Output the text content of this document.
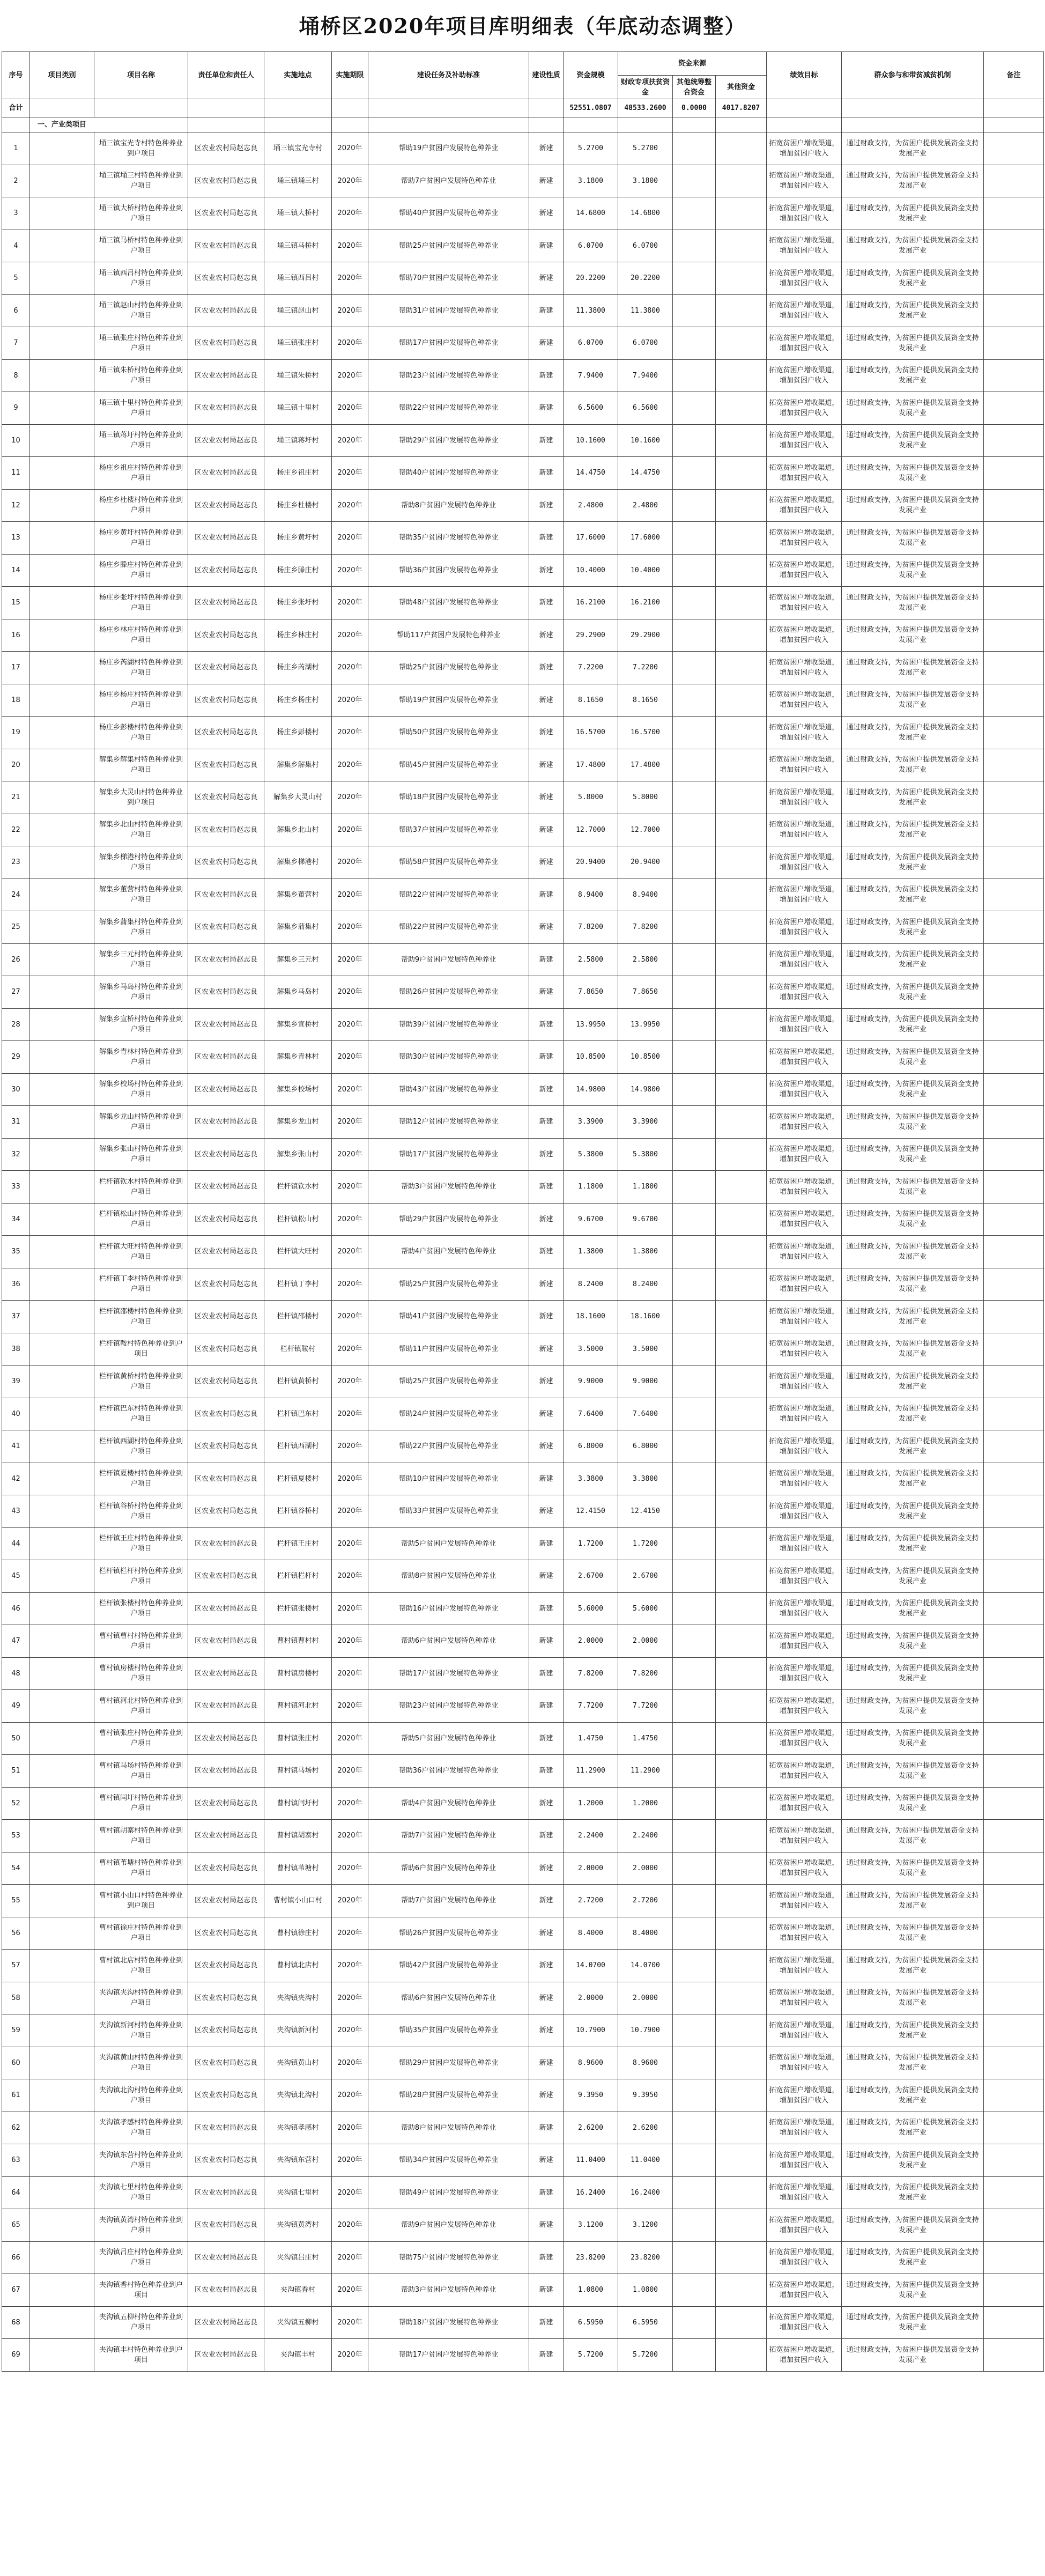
埇桥区2020年项目库明细表（年底动态调整）
序号	项目类别	项目名称	责任单位和责任人	实施地点	实施期限	建设任务及补助标准	建设性质	资金规模	资金来源			绩效目标	群众参与和带贫减贫机制	备注
									财政专项扶贫资金	其他统筹整合资金	其他资金			
合计								52551.0807	48533.2600	0.0000	4017.8207			
	一、产业类项目													
1		埇三镇宝光寺村特色种养业到户项目	区农业农村局赵志良	埇三镇宝光寺村	2020年	帮助19户贫困户发展特色种养业	新建	5.2700	5.2700			拓宽贫困户增收渠道，增加贫困户收入	通过财政支持，为贫困户提供发展资金支持发展产业	
2		埇三镇埇三村特色种养业到户项目	区农业农村局赵志良	埇三镇埇三村	2020年	帮助7户贫困户发展特色种养业	新建	3.1800	3.1800			拓宽贫困户增收渠道，增加贫困户收入	通过财政支持，为贫困户提供发展资金支持发展产业	
3		埇三镇大桥村特色种养业到户项目	区农业农村局赵志良	埇三镇大桥村	2020年	帮助40户贫困户发展特色种养业	新建	14.6800	14.6800			拓宽贫困户增收渠道，增加贫困户收入	通过财政支持，为贫困户提供发展资金支持发展产业	
4		埇三镇马桥村特色种养业到户项目	区农业农村局赵志良	埇三镇马桥村	2020年	帮助25户贫困户发展特色种养业	新建	6.0700	6.0700			拓宽贫困户增收渠道，增加贫困户收入	通过财政支持，为贫困户提供发展资金支持发展产业	
5		埇三镇西吕村特色种养业到户项目	区农业农村局赵志良	埇三镇西吕村	2020年	帮助70户贫困户发展特色种养业	新建	20.2200	20.2200			拓宽贫困户增收渠道，增加贫困户收入	通过财政支持，为贫困户提供发展资金支持发展产业	
6		埇三镇赵山村特色种养业到户项目	区农业农村局赵志良	埇三镇赵山村	2020年	帮助31户贫困户发展特色种养业	新建	11.3800	11.3800			拓宽贫困户增收渠道，增加贫困户收入	通过财政支持，为贫困户提供发展资金支持发展产业	
7		埇三镇张庄村特色种养业到户项目	区农业农村局赵志良	埇三镇张庄村	2020年	帮助17户贫困户发展特色种养业	新建	6.0700	6.0700			拓宽贫困户增收渠道，增加贫困户收入	通过财政支持，为贫困户提供发展资金支持发展产业	
8		埇三镇朱桥村特色种养业到户项目	区农业农村局赵志良	埇三镇朱桥村	2020年	帮助23户贫困户发展特色种养业	新建	7.9400	7.9400			拓宽贫困户增收渠道，增加贫困户收入	通过财政支持，为贫困户提供发展资金支持发展产业	
9		埇三镇十里村特色种养业到户项目	区农业农村局赵志良	埇三镇十里村	2020年	帮助22户贫困户发展特色种养业	新建	6.5600	6.5600			拓宽贫困户增收渠道，增加贫困户收入	通过财政支持，为贫困户提供发展资金支持发展产业	
10		埇三镇蒋圩村特色种养业到户项目	区农业农村局赵志良	埇三镇蒋圩村	2020年	帮助29户贫困户发展特色种养业	新建	10.1600	10.1600			拓宽贫困户增收渠道，增加贫困户收入	通过财政支持，为贫困户提供发展资金支持发展产业	
11		杨庄乡祖庄村特色种养业到户项目	区农业农村局赵志良	杨庄乡祖庄村	2020年	帮助40户贫困户发展特色种养业	新建	14.4750	14.4750			拓宽贫困户增收渠道，增加贫困户收入	通过财政支持，为贫困户提供发展资金支持发展产业	
12		杨庄乡杜楼村特色种养业到户项目	区农业农村局赵志良	杨庄乡杜楼村	2020年	帮助8户贫困户发展特色种养业	新建	2.4800	2.4800			拓宽贫困户增收渠道，增加贫困户收入	通过财政支持，为贫困户提供发展资金支持发展产业	
13		杨庄乡黄圩村特色种养业到户项目	区农业农村局赵志良	杨庄乡黄圩村	2020年	帮助35户贫困户发展特色种养业	新建	17.6000	17.6000			拓宽贫困户增收渠道，增加贫困户收入	通过财政支持，为贫困户提供发展资金支持发展产业	
14		杨庄乡滕庄村特色种养业到户项目	区农业农村局赵志良	杨庄乡滕庄村	2020年	帮助36户贫困户发展特色种养业	新建	10.4000	10.4000			拓宽贫困户增收渠道，增加贫困户收入	通过财政支持，为贫困户提供发展资金支持发展产业	
15		杨庄乡张圩村特色种养业到户项目	区农业农村局赵志良	杨庄乡张圩村	2020年	帮助48户贫困户发展特色种养业	新建	16.2100	16.2100			拓宽贫困户增收渠道，增加贫困户收入	通过财政支持，为贫困户提供发展资金支持发展产业	
16		杨庄乡林庄村特色种养业到户项目	区农业农村局赵志良	杨庄乡林庄村	2020年	帮助117户贫困户发展特色种养业	新建	29.2900	29.2900			拓宽贫困户增收渠道，增加贫困户收入	通过财政支持，为贫困户提供发展资金支持发展产业	
17		杨庄乡芮湖村特色种养业到户项目	区农业农村局赵志良	杨庄乡芮湖村	2020年	帮助25户贫困户发展特色种养业	新建	7.2200	7.2200			拓宽贫困户增收渠道，增加贫困户收入	通过财政支持，为贫困户提供发展资金支持发展产业	
18		杨庄乡杨庄村特色种养业到户项目	区农业农村局赵志良	杨庄乡杨庄村	2020年	帮助19户贫困户发展特色种养业	新建	8.1650	8.1650			拓宽贫困户增收渠道，增加贫困户收入	通过财政支持，为贫困户提供发展资金支持发展产业	
19		杨庄乡彭楼村特色种养业到户项目	区农业农村局赵志良	杨庄乡彭楼村	2020年	帮助50户贫困户发展特色种养业	新建	16.5700	16.5700			拓宽贫困户增收渠道，增加贫困户收入	通过财政支持，为贫困户提供发展资金支持发展产业	
20		解集乡解集村特色种养业到户项目	区农业农村局赵志良	解集乡解集村	2020年	帮助45户贫困户发展特色种养业	新建	17.4800	17.4800			拓宽贫困户增收渠道，增加贫困户收入	通过财政支持，为贫困户提供发展资金支持发展产业	
21		解集乡大灵山村特色种养业到户项目	区农业农村局赵志良	解集乡大灵山村	2020年	帮助18户贫困户发展特色种养业	新建	5.8000	5.8000			拓宽贫困户增收渠道，增加贫困户收入	通过财政支持，为贫困户提供发展资金支持发展产业	
22		解集乡北山村特色种养业到户项目	区农业农村局赵志良	解集乡北山村	2020年	帮助37户贫困户发展特色种养业	新建	12.7000	12.7000			拓宽贫困户增收渠道，增加贫困户收入	通过财政支持，为贫困户提供发展资金支持发展产业	
23		解集乡梯港村特色种养业到户项目	区农业农村局赵志良	解集乡梯港村	2020年	帮助58户贫困户发展特色种养业	新建	20.9400	20.9400			拓宽贫困户增收渠道，增加贫困户收入	通过财政支持，为贫困户提供发展资金支持发展产业	
24		解集乡董营村特色种养业到户项目	区农业农村局赵志良	解集乡董营村	2020年	帮助22户贫困户发展特色种养业	新建	8.9400	8.9400			拓宽贫困户增收渠道，增加贫困户收入	通过财政支持，为贫困户提供发展资金支持发展产业	
25		解集乡蒲集村特色种养业到户项目	区农业农村局赵志良	解集乡蒲集村	2020年	帮助22户贫困户发展特色种养业	新建	7.8200	7.8200			拓宽贫困户增收渠道，增加贫困户收入	通过财政支持，为贫困户提供发展资金支持发展产业	
26		解集乡三元村特色种养业到户项目	区农业农村局赵志良	解集乡三元村	2020年	帮助9户贫困户发展特色种养业	新建	2.5800	2.5800			拓宽贫困户增收渠道，增加贫困户收入	通过财政支持，为贫困户提供发展资金支持发展产业	
27		解集乡马岛村特色种养业到户项目	区农业农村局赵志良	解集乡马岛村	2020年	帮助26户贫困户发展特色种养业	新建	7.8650	7.8650			拓宽贫困户增收渠道，增加贫困户收入	通过财政支持，为贫困户提供发展资金支持发展产业	
28		解集乡宣桥村特色种养业到户项目	区农业农村局赵志良	解集乡宣桥村	2020年	帮助39户贫困户发展特色种养业	新建	13.9950	13.9950			拓宽贫困户增收渠道，增加贫困户收入	通过财政支持，为贫困户提供发展资金支持发展产业	
29		解集乡青林村特色种养业到户项目	区农业农村局赵志良	解集乡青林村	2020年	帮助30户贫困户发展特色种养业	新建	10.8500	10.8500			拓宽贫困户增收渠道，增加贫困户收入	通过财政支持，为贫困户提供发展资金支持发展产业	
30		解集乡校场村特色种养业到户项目	区农业农村局赵志良	解集乡校场村	2020年	帮助43户贫困户发展特色种养业	新建	14.9800	14.9800			拓宽贫困户增收渠道，增加贫困户收入	通过财政支持，为贫困户提供发展资金支持发展产业	
31		解集乡龙山村特色种养业到户项目	区农业农村局赵志良	解集乡龙山村	2020年	帮助12户贫困户发展特色种养业	新建	3.3900	3.3900			拓宽贫困户增收渠道，增加贫困户收入	通过财政支持，为贫困户提供发展资金支持发展产业	
32		解集乡张山村特色种养业到户项目	区农业农村局赵志良	解集乡张山村	2020年	帮助17户贫困户发展特色种养业	新建	5.3800	5.3800			拓宽贫困户增收渠道，增加贫困户收入	通过财政支持，为贫困户提供发展资金支持发展产业	
33		栏杆镇钦水村特色种养业到户项目	区农业农村局赵志良	栏杆镇钦水村	2020年	帮助3户贫困户发展特色种养业	新建	1.1800	1.1800			拓宽贫困户增收渠道，增加贫困户收入	通过财政支持，为贫困户提供发展资金支持发展产业	
34		栏杆镇松山村特色种养业到户项目	区农业农村局赵志良	栏杆镇松山村	2020年	帮助29户贫困户发展特色种养业	新建	9.6700	9.6700			拓宽贫困户增收渠道，增加贫困户收入	通过财政支持，为贫困户提供发展资金支持发展产业	
35		栏杆镇大旺村特色种养业到户项目	区农业农村局赵志良	栏杆镇大旺村	2020年	帮助4户贫困户发展特色种养业	新建	1.3800	1.3800			拓宽贫困户增收渠道，增加贫困户收入	通过财政支持，为贫困户提供发展资金支持发展产业	
36		栏杆镇丁李村特色种养业到户项目	区农业农村局赵志良	栏杆镇丁李村	2020年	帮助25户贫困户发展特色种养业	新建	8.2400	8.2400			拓宽贫困户增收渠道，增加贫困户收入	通过财政支持，为贫困户提供发展资金支持发展产业	
37		栏杆镇邵楼村特色种养业到户项目	区农业农村局赵志良	栏杆镇邵楼村	2020年	帮助41户贫困户发展特色种养业	新建	18.1600	18.1600			拓宽贫困户增收渠道，增加贫困户收入	通过财政支持，为贫困户提供发展资金支持发展产业	
38		栏杆镇鞍村特色种养业到户项目	区农业农村局赵志良	栏杆镇鞍村	2020年	帮助11户贫困户发展特色种养业	新建	3.5000	3.5000			拓宽贫困户增收渠道，增加贫困户收入	通过财政支持，为贫困户提供发展资金支持发展产业	
39		栏杆镇黄桥村特色种养业到户项目	区农业农村局赵志良	栏杆镇黄桥村	2020年	帮助25户贫困户发展特色种养业	新建	9.9000	9.9000			拓宽贫困户增收渠道，增加贫困户收入	通过财政支持，为贫困户提供发展资金支持发展产业	
40		栏杆镇巴东村特色种养业到户项目	区农业农村局赵志良	栏杆镇巴东村	2020年	帮助24户贫困户发展特色种养业	新建	7.6400	7.6400			拓宽贫困户增收渠道，增加贫困户收入	通过财政支持，为贫困户提供发展资金支持发展产业	
41		栏杆镇西湖村特色种养业到户项目	区农业农村局赵志良	栏杆镇西湖村	2020年	帮助22户贫困户发展特色种养业	新建	6.8000	6.8000			拓宽贫困户增收渠道，增加贫困户收入	通过财政支持，为贫困户提供发展资金支持发展产业	
42		栏杆镇夏楼村特色种养业到户项目	区农业农村局赵志良	栏杆镇夏楼村	2020年	帮助10户贫困户发展特色种养业	新建	3.3800	3.3800			拓宽贫困户增收渠道，增加贫困户收入	通过财政支持，为贫困户提供发展资金支持发展产业	
43		栏杆镇谷桥村特色种养业到户项目	区农业农村局赵志良	栏杆镇谷桥村	2020年	帮助33户贫困户发展特色种养业	新建	12.4150	12.4150			拓宽贫困户增收渠道，增加贫困户收入	通过财政支持，为贫困户提供发展资金支持发展产业	
44		栏杆镇王庄村特色种养业到户项目	区农业农村局赵志良	栏杆镇王庄村	2020年	帮助5户贫困户发展特色种养业	新建	1.7200	1.7200			拓宽贫困户增收渠道，增加贫困户收入	通过财政支持，为贫困户提供发展资金支持发展产业	
45		栏杆镇栏杆村特色种养业到户项目	区农业农村局赵志良	栏杆镇栏杆村	2020年	帮助8户贫困户发展特色种养业	新建	2.6700	2.6700			拓宽贫困户增收渠道，增加贫困户收入	通过财政支持，为贫困户提供发展资金支持发展产业	
46		栏杆镇张楼村特色种养业到户项目	区农业农村局赵志良	栏杆镇张楼村	2020年	帮助16户贫困户发展特色种养业	新建	5.6000	5.6000			拓宽贫困户增收渠道，增加贫困户收入	通过财政支持，为贫困户提供发展资金支持发展产业	
47		曹村镇曹村村特色种养业到户项目	区农业农村局赵志良	曹村镇曹村村	2020年	帮助6户贫困户发展特色种养业	新建	2.0000	2.0000			拓宽贫困户增收渠道，增加贫困户收入	通过财政支持，为贫困户提供发展资金支持发展产业	
48		曹村镇房楼村特色种养业到户项目	区农业农村局赵志良	曹村镇房楼村	2020年	帮助17户贫困户发展特色种养业	新建	7.8200	7.8200			拓宽贫困户增收渠道，增加贫困户收入	通过财政支持，为贫困户提供发展资金支持发展产业	
49		曹村镇河北村特色种养业到户项目	区农业农村局赵志良	曹村镇河北村	2020年	帮助23户贫困户发展特色种养业	新建	7.7200	7.7200			拓宽贫困户增收渠道，增加贫困户收入	通过财政支持，为贫困户提供发展资金支持发展产业	
50		曹村镇张庄村特色种养业到户项目	区农业农村局赵志良	曹村镇张庄村	2020年	帮助5户贫困户发展特色种养业	新建	1.4750	1.4750			拓宽贫困户增收渠道，增加贫困户收入	通过财政支持，为贫困户提供发展资金支持发展产业	
51		曹村镇马场村特色种养业到户项目	区农业农村局赵志良	曹村镇马场村	2020年	帮助36户贫困户发展特色种养业	新建	11.2900	11.2900			拓宽贫困户增收渠道，增加贫困户收入	通过财政支持，为贫困户提供发展资金支持发展产业	
52		曹村镇闫圩村特色种养业到户项目	区农业农村局赵志良	曹村镇闫圩村	2020年	帮助4户贫困户发展特色种养业	新建	1.2000	1.2000			拓宽贫困户增收渠道，增加贫困户收入	通过财政支持，为贫困户提供发展资金支持发展产业	
53		曹村镇胡寨村特色种养业到户项目	区农业农村局赵志良	曹村镇胡寨村	2020年	帮助7户贫困户发展特色种养业	新建	2.2400	2.2400			拓宽贫困户增收渠道，增加贫困户收入	通过财政支持，为贫困户提供发展资金支持发展产业	
54		曹村镇苇塘村特色种养业到户项目	区农业农村局赵志良	曹村镇苇塘村	2020年	帮助6户贫困户发展特色种养业	新建	2.0000	2.0000			拓宽贫困户增收渠道，增加贫困户收入	通过财政支持，为贫困户提供发展资金支持发展产业	
55		曹村镇小山口村特色种养业到户项目	区农业农村局赵志良	曹村镇小山口村	2020年	帮助7户贫困户发展特色种养业	新建	2.7200	2.7200			拓宽贫困户增收渠道，增加贫困户收入	通过财政支持，为贫困户提供发展资金支持发展产业	
56		曹村镇徐庄村特色种养业到户项目	区农业农村局赵志良	曹村镇徐庄村	2020年	帮助26户贫困户发展特色种养业	新建	8.4000	8.4000			拓宽贫困户增收渠道，增加贫困户收入	通过财政支持，为贫困户提供发展资金支持发展产业	
57		曹村镇北店村特色种养业到户项目	区农业农村局赵志良	曹村镇北店村	2020年	帮助42户贫困户发展特色种养业	新建	14.0700	14.0700			拓宽贫困户增收渠道，增加贫困户收入	通过财政支持，为贫困户提供发展资金支持发展产业	
58		夹沟镇夹沟村特色种养业到户项目	区农业农村局赵志良	夹沟镇夹沟村	2020年	帮助6户贫困户发展特色种养业	新建	2.0000	2.0000			拓宽贫困户增收渠道，增加贫困户收入	通过财政支持，为贫困户提供发展资金支持发展产业	
59		夹沟镇新河村特色种养业到户项目	区农业农村局赵志良	夹沟镇新河村	2020年	帮助35户贫困户发展特色种养业	新建	10.7900	10.7900			拓宽贫困户增收渠道，增加贫困户收入	通过财政支持，为贫困户提供发展资金支持发展产业	
60		夹沟镇黄山村特色种养业到户项目	区农业农村局赵志良	夹沟镇黄山村	2020年	帮助29户贫困户发展特色种养业	新建	8.9600	8.9600			拓宽贫困户增收渠道，增加贫困户收入	通过财政支持，为贫困户提供发展资金支持发展产业	
61		夹沟镇北沟村特色种养业到户项目	区农业农村局赵志良	夹沟镇北沟村	2020年	帮助28户贫困户发展特色种养业	新建	9.3950	9.3950			拓宽贫困户增收渠道，增加贫困户收入	通过财政支持，为贫困户提供发展资金支持发展产业	
62		夹沟镇孝感村特色种养业到户项目	区农业农村局赵志良	夹沟镇孝感村	2020年	帮助8户贫困户发展特色种养业	新建	2.6200	2.6200			拓宽贫困户增收渠道，增加贫困户收入	通过财政支持，为贫困户提供发展资金支持发展产业	
63		夹沟镇东营村特色种养业到户项目	区农业农村局赵志良	夹沟镇东营村	2020年	帮助34户贫困户发展特色种养业	新建	11.0400	11.0400			拓宽贫困户增收渠道，增加贫困户收入	通过财政支持，为贫困户提供发展资金支持发展产业	
64		夹沟镇七里村特色种养业到户项目	区农业农村局赵志良	夹沟镇七里村	2020年	帮助49户贫困户发展特色种养业	新建	16.2400	16.2400			拓宽贫困户增收渠道，增加贫困户收入	通过财政支持，为贫困户提供发展资金支持发展产业	
65		夹沟镇黄湾村特色种养业到户项目	区农业农村局赵志良	夹沟镇黄湾村	2020年	帮助9户贫困户发展特色种养业	新建	3.1200	3.1200			拓宽贫困户增收渠道，增加贫困户收入	通过财政支持，为贫困户提供发展资金支持发展产业	
66		夹沟镇吕庄村特色种养业到户项目	区农业农村局赵志良	夹沟镇吕庄村	2020年	帮助75户贫困户发展特色种养业	新建	23.8200	23.8200			拓宽贫困户增收渠道，增加贫困户收入	通过财政支持，为贫困户提供发展资金支持发展产业	
67		夹沟镇香村特色种养业到户项目	区农业农村局赵志良	夹沟镇香村	2020年	帮助3户贫困户发展特色种养业	新建	1.0800	1.0800			拓宽贫困户增收渠道，增加贫困户收入	通过财政支持，为贫困户提供发展资金支持发展产业	
68		夹沟镇五柳村特色种养业到户项目	区农业农村局赵志良	夹沟镇五柳村	2020年	帮助18户贫困户发展特色种养业	新建	6.5950	6.5950			拓宽贫困户增收渠道，增加贫困户收入	通过财政支持，为贫困户提供发展资金支持发展产业	
69		夹沟镇丰村特色种养业到户项目	区农业农村局赵志良	夹沟镇丰村	2020年	帮助17户贫困户发展特色种养业	新建	5.7200	5.7200			拓宽贫困户增收渠道，增加贫困户收入	通过财政支持，为贫困户提供发展资金支持发展产业	
